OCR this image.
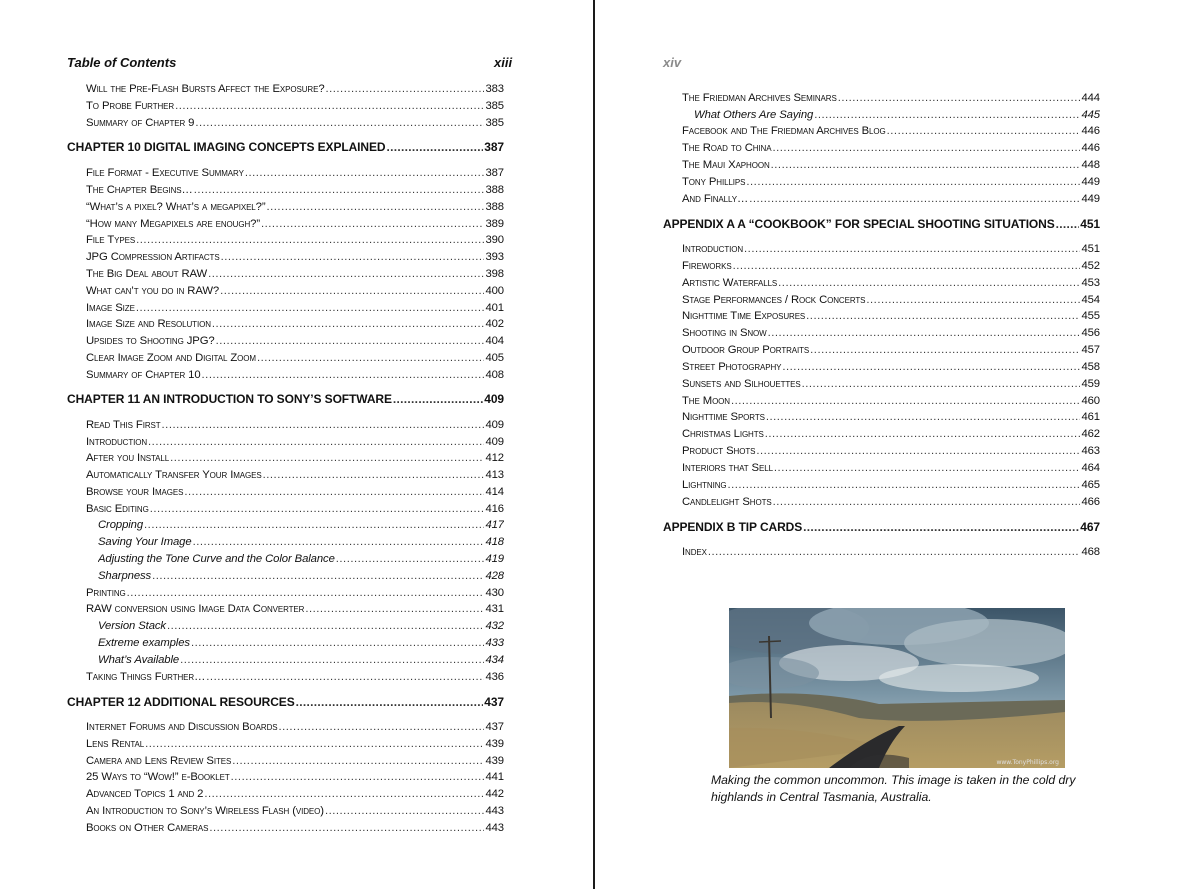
Table of Contents	xiii
Will the Pre-Flash Bursts Affect the Exposure? .....	383
To Probe Further .....	385
Summary of Chapter 9 .....	385
CHAPTER 10 DIGITAL IMAGING CONCEPTS EXPLAINED .....	387
File Format - Executive Summary .....	387
The Chapter Begins… .....	388
“What’s a pixel? What’s a megapixel?” .....	388
“How many Megapixels are enough?” .....	389
File Types .....	390
JPG Compression Artifacts .....	393
The Big Deal about RAW .....	398
What can’t you do in RAW? .....	400
Image Size .....	401
Image Size and Resolution .....	402
Upsides to Shooting JPG? .....	404
Clear Image Zoom and Digital Zoom .....	405
Summary of Chapter 10 .....	408
CHAPTER 11 AN INTRODUCTION TO SONY’S SOFTWARE .....	409
Read This First .....	409
Introduction .....	409
After you Install .....	412
Automatically Transfer Your Images .....	413
Browse your Images .....	414
Basic Editing .....	416
Cropping .....	417
Saving Your Image .....	418
Adjusting the Tone Curve and the Color Balance .....	419
Sharpness .....	428
Printing .....	430
RAW conversion using Image Data Converter .....	431
Version Stack .....	432
Extreme examples .....	433
What’s Available .....	434
Taking Things Further… .....	436
CHAPTER 12 ADDITIONAL RESOURCES .....	437
Internet Forums and Discussion Boards .....	437
Lens Rental .....	439
Camera and Lens Review Sites .....	439
25 Ways to “Wow!” e-Booklet .....	441
Advanced Topics 1 and 2 .....	442
An Introduction to Sony’s Wireless Flash (video) .....	443
Books on Other Cameras .....	443
xiv
The Friedman Archives Seminars .....	444
What Others Are Saying .....	445
Facebook and The Friedman Archives Blog .....	446
The Road to China .....	446
The Maui Xaphoon .....	448
Tony Phillips .....	449
And Finally… .....	449
APPENDIX A A “COOKBOOK” FOR SPECIAL SHOOTING SITUATIONS ..... 451
Introduction .....	451
Fireworks .....	452
Artistic Waterfalls .....	453
Stage Performances / Rock Concerts .....	454
Nighttime Time Exposures .....	455
Shooting in Snow .....	456
Outdoor Group Portraits .....	457
Street Photography .....	458
Sunsets and Silhouettes .....	459
The Moon .....	460
Nighttime Sports .....	461
Christmas Lights .....	462
Product Shots .....	463
Interiors that Sell .....	464
Lightning .....	465
Candlelight Shots .....	466
APPENDIX B TIP CARDS .....	467
Index .....	468
www.TonyPhillips.org
Making the common uncommon. This image is taken in the cold dry highlands in Central Tasmania, Australia.
